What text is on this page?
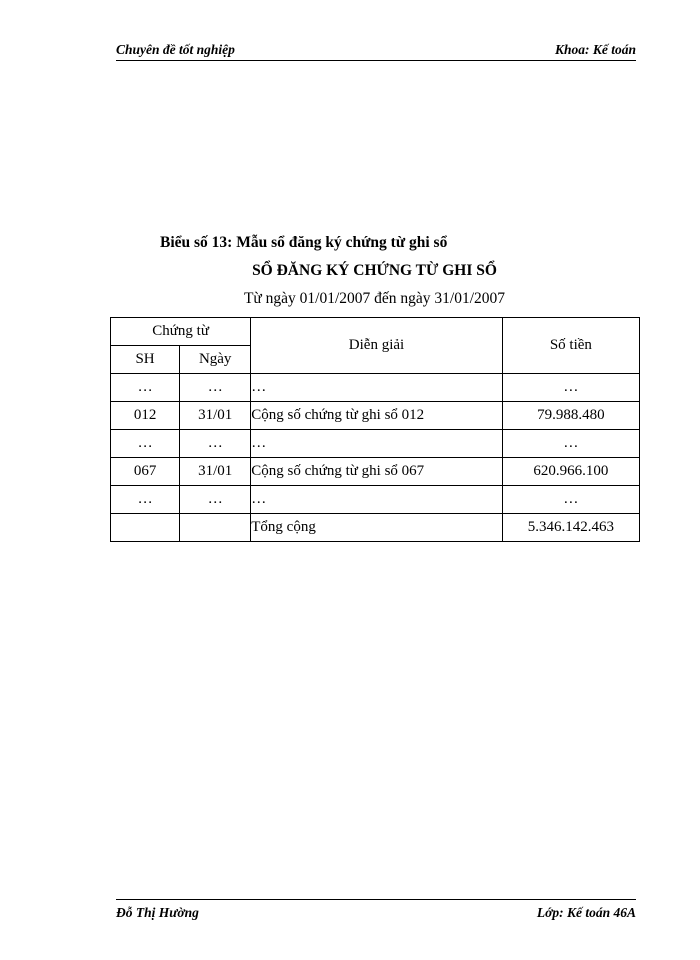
Chuyên đề tốt nghiệp	Khoa: Kế toán
Biểu số 13: Mẫu sổ đăng ký chứng từ ghi sổ
SỔ ĐĂNG KÝ CHỨNG TỪ GHI SỔ
Từ ngày 01/01/2007 đến ngày 31/01/2007
Chứng từ		Diễn giải	Số tiền
SH	Ngày		
…	…	…	…
012	31/01	Cộng số chứng từ ghi sổ 012	79.988.480
…	…	…	…
067	31/01	Cộng số chứng từ ghi sổ 067	620.966.100
…	…	…	…
		Tổng cộng	5.346.142.463
Đỗ Thị Hường	Lớp: Kế toán 46A
